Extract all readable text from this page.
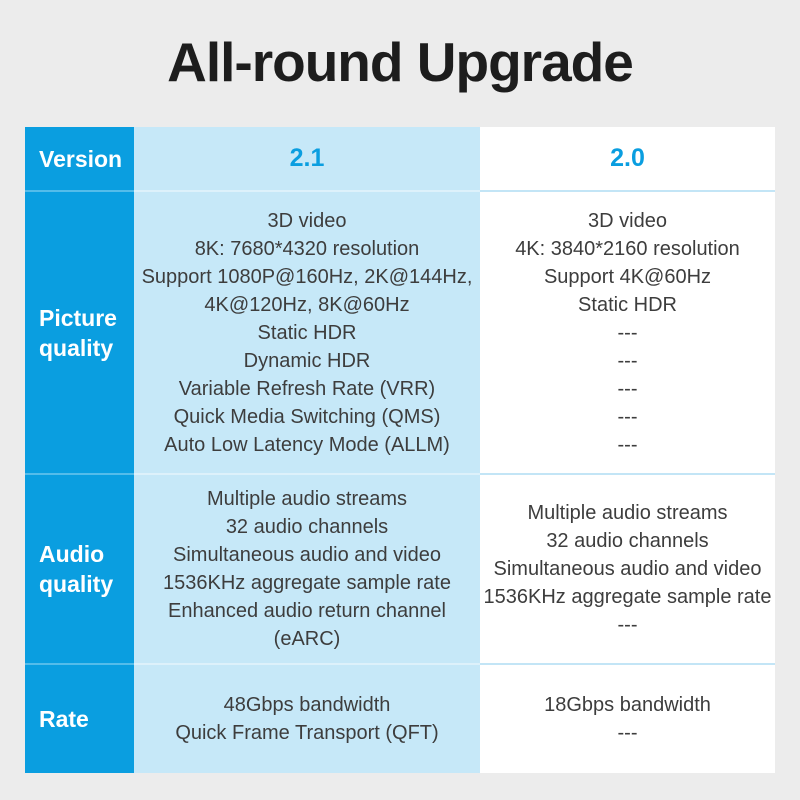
All-round Upgrade
Version	2.1	2.0
Picture quality
3D video
8K: 7680*4320 resolution
Support 1080P@160Hz, 2K@144Hz,
4K@120Hz, 8K@60Hz
Static HDR
Dynamic HDR
Variable Refresh Rate (VRR)
Quick Media Switching (QMS)
Auto Low Latency Mode (ALLM)
3D video
4K: 3840*2160 resolution
Support 4K@60Hz
Static HDR
---
---
---
---
---
Audio quality
Multiple audio streams
32 audio channels
Simultaneous audio and video
1536KHz aggregate sample rate
Enhanced audio return channel (eARC)
Multiple audio streams
32 audio channels
Simultaneous audio and video
1536KHz aggregate sample rate
---
Rate
48Gbps bandwidth
Quick Frame Transport (QFT)
18Gbps bandwidth
---
